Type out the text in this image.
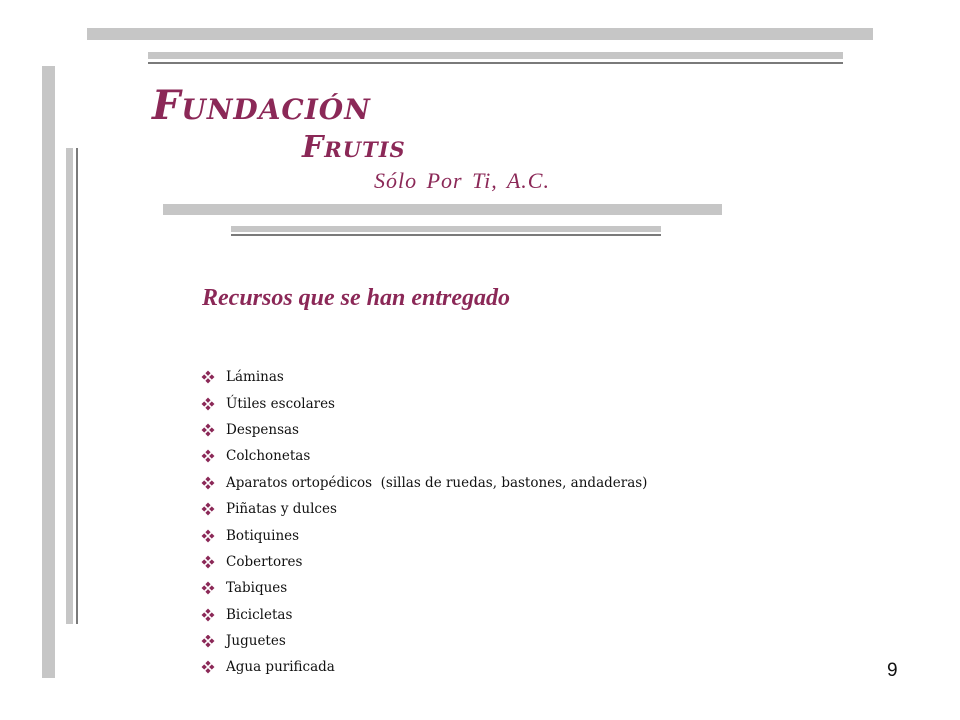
Fundación
Frutis
Sólo Por Ti, A.C.
Recursos que se han entregado
Láminas
Útiles escolares
Despensas
Colchonetas
Aparatos ortopédicos  (sillas de ruedas, bastones, andaderas)
Piñatas y dulces
Botiquines
Cobertores
Tabiques
Bicicletas
Juguetes
Agua purificada	9
